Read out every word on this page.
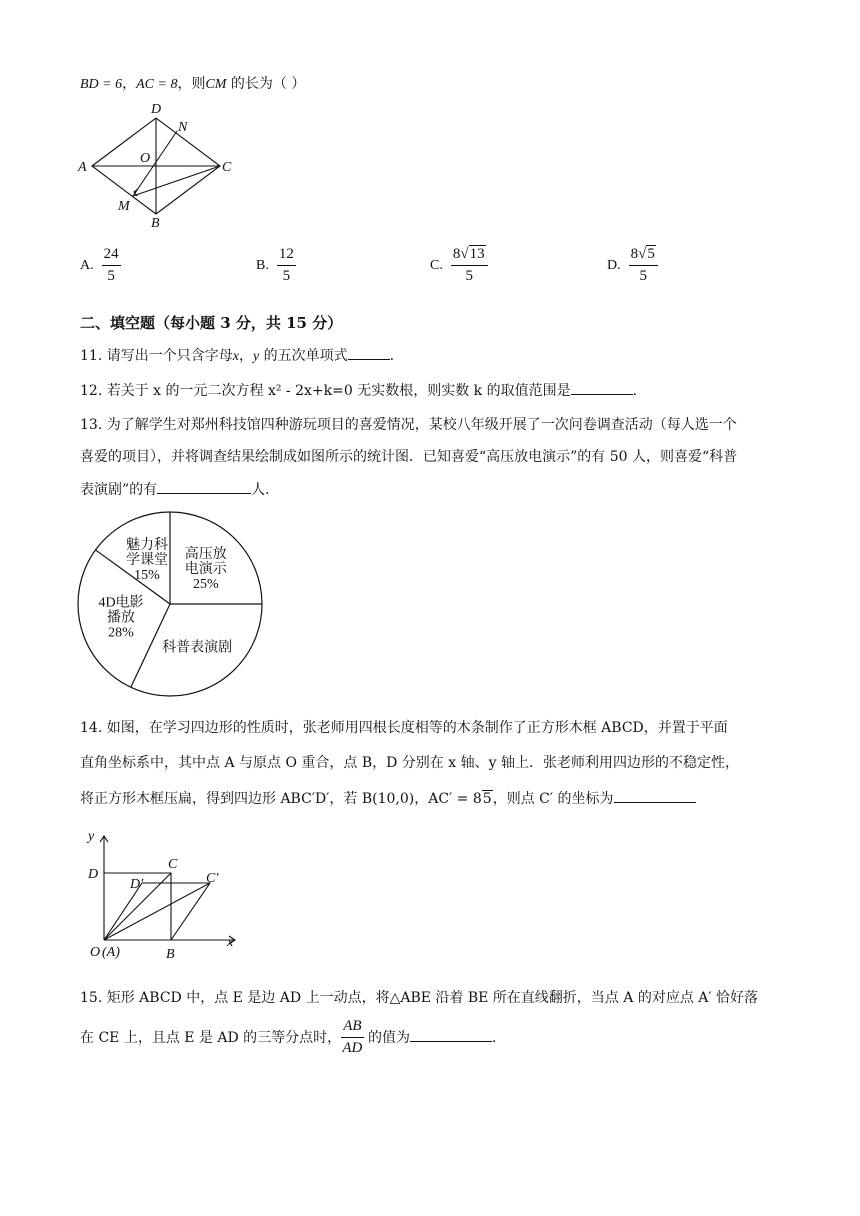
BD = 6，AC = 8，则CM 的长为（ ）
D
N
O
A	C
M
B
A. $\frac{24}{5}$	B. $\frac{12}{5}$	C. $\frac{8√13}{5}$	D. $\frac{8√5}{5}$
二、填空题（每小题 3 分，共 15 分）
11. 请写出一个只含字母x，y 的五次单项式	.
12. 若关于 x 的一元二次方程 x² - 2x+k=0 无实数根，则实数 k 的取值范围是	.
13. 为了解学生对郑州科技馆四种游玩项目的喜爱情况，某校八年级开展了一次问卷调查活动（每人选一个
喜爱的项目），并将调查结果绘制成如图所示的统计图．已知喜爱“高压放电演示”的有 50 人，则喜爱“科普
表演剧”的有	人．
高压放
电演示
25%
科普表演剧
4D电影
播放
28%
魅力科
学课堂
15%
14. 如图，在学习四边形的性质时，张老师用四根长度相等的木条制作了正方形木框 ABCD，并置于平面
直角坐标系中，其中点 A 与原点 O 重合，点 B，D 分别在 x 轴、y 轴上．张老师利用四边形的不稳定性，
将正方形木框压扁，得到四边形 ABC′D′，若 B(10,0)，AC′ = 85，则点 C′ 的坐标为
y
D
C
D′	C′
O (A)	B
x
15. 矩形 ABCD 中，点 E 是边 AD 上一动点，将△ABE 沿着 BE 所在直线翻折，当点 A 的对应点 A′ 恰好落
在 CE 上，且点 E 是 AD 的三等分点时， $\frac{AB}{AD}$ 的值为	.
